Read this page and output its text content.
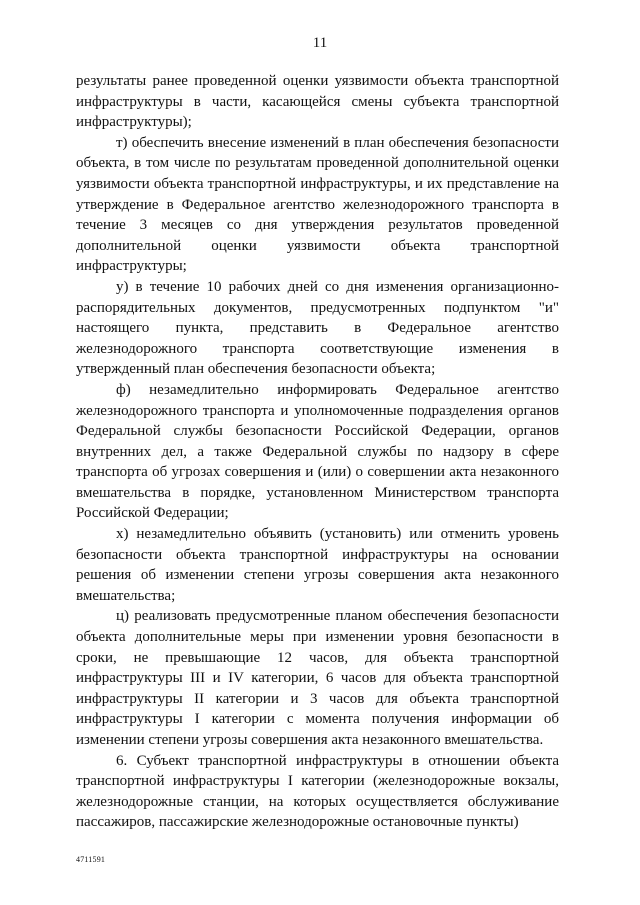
11

результаты ранее проведенной оценки уязвимости объекта транспортной инфраструктуры в части, касающейся смены субъекта транспортной инфраструктуры);

т) обеспечить внесение изменений в план обеспечения безопасности объекта, в том числе по результатам проведенной дополнительной оценки уязвимости объекта транспортной инфраструктуры, и их представление на утверждение в Федеральное агентство железнодорожного транспорта в течение 3 месяцев со дня утверждения результатов проведенной дополнительной оценки уязвимости объекта транспортной инфраструктуры;

у) в течение 10 рабочих дней со дня изменения организационно-распорядительных документов, предусмотренных подпунктом "и" настоящего пункта, представить в Федеральное агентство железнодорожного транспорта соответствующие изменения в утвержденный план обеспечения безопасности объекта;

ф) незамедлительно информировать Федеральное агентство железнодорожного транспорта и уполномоченные подразделения органов Федеральной службы безопасности Российской Федерации, органов внутренних дел, а также Федеральной службы по надзору в сфере транспорта об угрозах совершения и (или) о совершении акта незаконного вмешательства в порядке, установленном Министерством транспорта Российской Федерации;

х) незамедлительно объявить (установить) или отменить уровень безопасности объекта транспортной инфраструктуры на основании решения об изменении степени угрозы совершения акта незаконного вмешательства;

ц) реализовать предусмотренные планом обеспечения безопасности объекта дополнительные меры при изменении уровня безопасности в сроки, не превышающие 12 часов, для объекта транспортной инфраструктуры III и IV категории, 6 часов для объекта транспортной инфраструктуры II категории и 3 часов для объекта транспортной инфраструктуры I категории с момента получения информации об изменении степени угрозы совершения акта незаконного вмешательства.

6. Субъект транспортной инфраструктуры в отношении объекта транспортной инфраструктуры I категории (железнодорожные вокзалы, железнодорожные станции, на которых осуществляется обслуживание пассажиров, пассажирские железнодорожные остановочные пункты)

4711591
